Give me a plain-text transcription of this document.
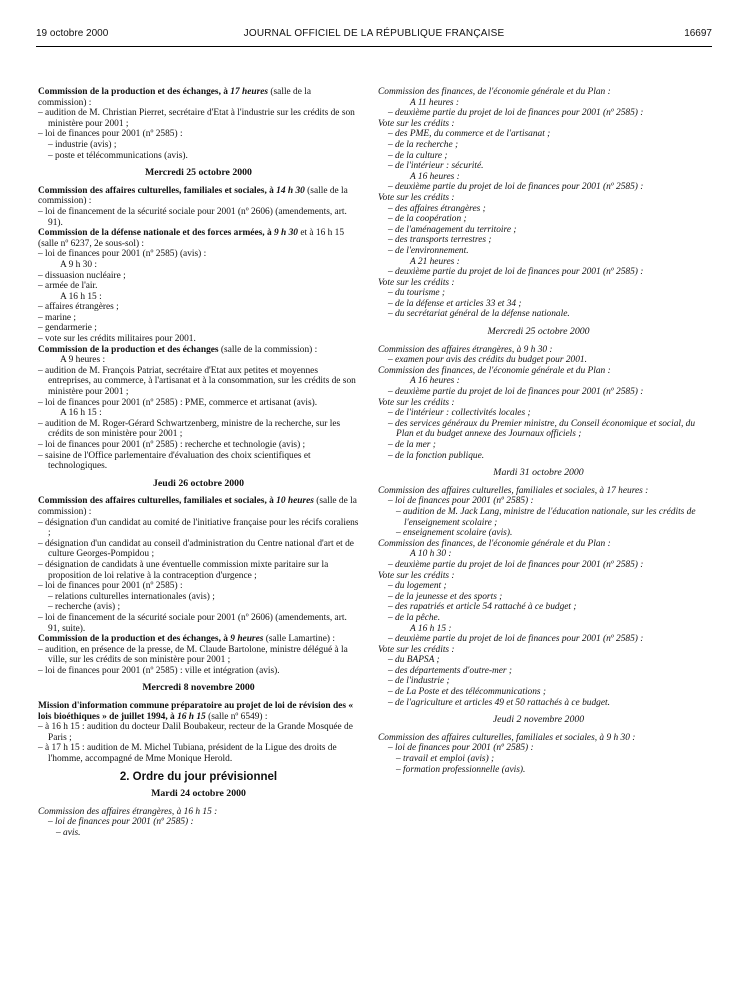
19 octobre 2000	JOURNAL OFFICIEL DE LA RÉPUBLIQUE FRANÇAISE	16697

Commission de la production et des échanges, à 17 heures (salle de la commission) :

– audition de M. Christian Pierret, secrétaire d'Etat à l'industrie sur les crédits de son ministère pour 2001 ;

– loi de finances pour 2001 (nº 2585) :

– industrie (avis) ;

– poste et télécommunications (avis).

Mercredi 25 octobre 2000

Commission des affaires culturelles, familiales et sociales, à 14 h 30 (salle de la commission) :

– loi de financement de la sécurité sociale pour 2001 (nº 2606) (amendements, art. 91).

Commission de la défense nationale et des forces armées, à 9 h 30 et à 16 h 15 (salle nº 6237, 2e sous-sol) :

– loi de finances pour 2001 (nº 2585) (avis) :

A 9 h 30 :

– dissuasion nucléaire ;

– armée de l'air.

A 16 h 15 :

– affaires étrangères ;

– marine ;

– gendarmerie ;

– vote sur les crédits militaires pour 2001.

Commission de la production et des échanges (salle de la commission) :

A 9 heures :

– audition de M. François Patriat, secrétaire d'Etat aux petites et moyennes entreprises, au commerce, à l'artisanat et à la consommation, sur les crédits de son ministère pour 2001 ;

– loi de finances pour 2001 (nº 2585) : PME, commerce et artisanat (avis).

A 16 h 15 :

– audition de M. Roger-Gérard Schwartzenberg, ministre de la recherche, sur les crédits de son ministère pour 2001 ;

– loi de finances pour 2001 (nº 2585) : recherche et technologie (avis) ;

– saisine de l'Office parlementaire d'évaluation des choix scientifiques et technologiques.

Jeudi 26 octobre 2000

Commission des affaires culturelles, familiales et sociales, à 10 heures (salle de la commission) :

– désignation d'un candidat au comité de l'initiative française pour les récifs coraliens ;

– désignation d'un candidat au conseil d'administration du Centre national d'art et de culture Georges-Pompidou ;

– désignation de candidats à une éventuelle commission mixte paritaire sur la proposition de loi relative à la contraception d'urgence ;

– loi de finances pour 2001 (nº 2585) :

– relations culturelles internationales (avis) ;

– recherche (avis) ;

– loi de financement de la sécurité sociale pour 2001 (nº 2606) (amendements, art. 91, suite).

Commission de la production et des échanges, à 9 heures (salle Lamartine) :

– audition, en présence de la presse, de M. Claude Bartolone, ministre délégué à la ville, sur les crédits de son ministère pour 2001 ;

– loi de finances pour 2001 (nº 2585) : ville et intégration (avis).

Mercredi 8 novembre 2000

Mission d'information commune préparatoire au projet de loi de révision des « lois bioéthiques » de juillet 1994, à 16 h 15 (salle nº 6549) :

– à 16 h 15 : audition du docteur Dalil Boubakeur, recteur de la Grande Mosquée de Paris ;

– à 17 h 15 : audition de M. Michel Tubiana, président de la Ligue des droits de l'homme, accompagné de Mme Monique Herold.

2. Ordre du jour prévisionnel

Mardi 24 octobre 2000

Commission des affaires étrangères, à 16 h 15 :

– loi de finances pour 2001 (nº 2585) :

– avis.

Commission des finances, de l'économie générale et du Plan :

A 11 heures :

– deuxième partie du projet de loi de finances pour 2001 (nº 2585) :

Vote sur les crédits :

– des PME, du commerce et de l'artisanat ;

– de la recherche ;

– de la culture ;

– de l'intérieur : sécurité.

A 16 heures :

– deuxième partie du projet de loi de finances pour 2001 (nº 2585) :

Vote sur les crédits :

– des affaires étrangères ;

– de la coopération ;

– de l'aménagement du territoire ;

– des transports terrestres ;

– de l'environnement.

A 21 heures :

– deuxième partie du projet de loi de finances pour 2001 (nº 2585) :

Vote sur les crédits :

– du tourisme ;

– de la défense et articles 33 et 34 ;

– du secrétariat général de la défense nationale.

Mercredi 25 octobre 2000

Commission des affaires étrangères, à 9 h 30 :

– examen pour avis des crédits du budget pour 2001.

Commission des finances, de l'économie générale et du Plan :

A 16 heures :

– deuxième partie du projet de loi de finances pour 2001 (nº 2585) :

Vote sur les crédits :

– de l'intérieur : collectivités locales ;

– des services généraux du Premier ministre, du Conseil économique et social, du Plan et du budget annexe des Journaux officiels ;

– de la mer ;

– de la fonction publique.

Mardi 31 octobre 2000

Commission des affaires culturelles, familiales et sociales, à 17 heures :

– loi de finances pour 2001 (nº 2585) :

– audition de M. Jack Lang, ministre de l'éducation nationale, sur les crédits de l'enseignement scolaire ;

– enseignement scolaire (avis).

Commission des finances, de l'économie générale et du Plan :

A 10 h 30 :

– deuxième partie du projet de loi de finances pour 2001 (nº 2585) :

Vote sur les crédits :

– du logement ;

– de la jeunesse et des sports ;

– des rapatriés et article 54 rattaché à ce budget ;

– de la pêche.

A 16 h 15 :

– deuxième partie du projet de loi de finances pour 2001 (nº 2585) :

Vote sur les crédits :

– du BAPSA ;

– des départements d'outre-mer ;

– de l'industrie ;

– de La Poste et des télécommunications ;

– de l'agriculture et articles 49 et 50 rattachés à ce budget.

Jeudi 2 novembre 2000

Commission des affaires culturelles, familiales et sociales, à 9 h 30 :

– loi de finances pour 2001 (nº 2585) :

– travail et emploi (avis) ;

– formation professionnelle (avis).
